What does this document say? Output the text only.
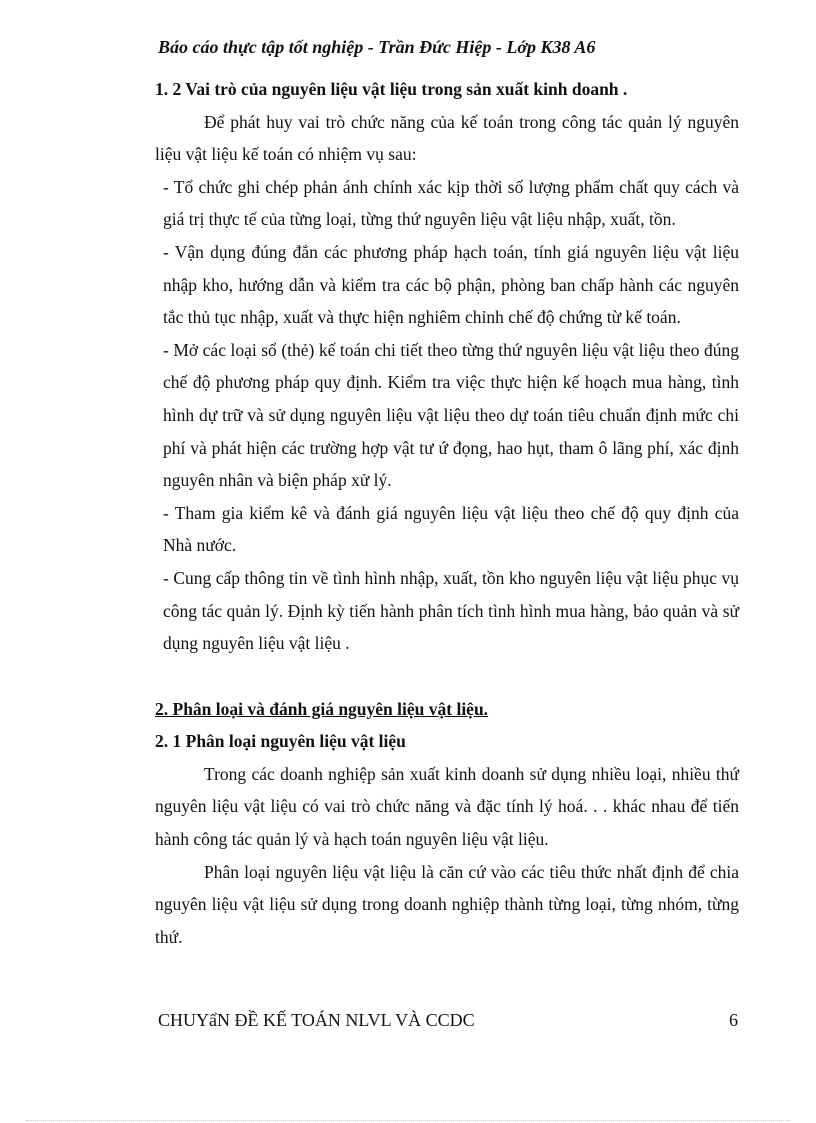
Báo cáo thực tập tốt nghiệp - Trần Đức Hiệp - Lớp K38 A6

1. 2 Vai trò của nguyên liệu vật liệu trong sản xuất kinh doanh .

Để phát huy vai trò chức năng của kế toán trong công tác quản lý nguyên liệu vật liệu kế toán có nhiệm vụ sau:

- Tổ chức ghi chép phản ánh chính xác kịp thời số lượng phẩm chất quy cách và giá trị thực tế của từng loại, từng thứ nguyên liệu vật liệu nhập, xuất, tồn.

- Vận dụng đúng đắn các phương pháp hạch toán, tính giá nguyên liệu vật liệu nhập kho, hướng dẫn và kiểm tra các bộ phận, phòng ban chấp hành các nguyên tắc thủ tục nhập, xuất và thực hiện nghiêm chỉnh chế độ chứng từ kế toán.

- Mở các loại sổ (thẻ) kế toán chi tiết theo từng thứ nguyên liệu vật liệu theo đúng chế độ phương pháp quy định. Kiểm tra việc thực hiện kế hoạch mua hàng, tình hình dự trữ và sử dụng nguyên liệu vật liệu theo dự toán tiêu chuẩn định mức chi phí và phát hiện các trường hợp vật tư ứ đọng, hao hụt, tham ô lãng phí, xác định nguyên nhân và biện pháp xử lý.

- Tham gia kiểm kê và đánh giá nguyên liệu vật liệu theo chế độ quy định của Nhà nước.

- Cung cấp thông tin về tình hình nhập, xuất, tồn kho nguyên liệu vật liệu phục vụ công tác quản lý. Định kỳ tiến hành phân tích tình hình mua hàng, bảo quản và sử dụng nguyên liệu vật liệu .

2. Phân loại và đánh giá nguyên liệu vật liệu.

2. 1 Phân loại nguyên liệu vật liệu

Trong các doanh nghiệp sản xuất kinh doanh sử dụng nhiều loại, nhiều thứ nguyên liệu vật liệu có vai trò chức năng và đặc tính lý hoá. . . khác nhau để tiến hành công tác quản lý và hạch toán nguyên liệu vật liệu.

Phân loại nguyên liệu vật liệu là căn cứ vào các tiêu thức nhất định để chia nguyên liệu vật liệu sử dụng trong doanh nghiệp thành từng loại, từng nhóm, từng thứ.

CHUYẩN ĐỀ KẾ TOÁN NLVL VÀ CCDC	6
